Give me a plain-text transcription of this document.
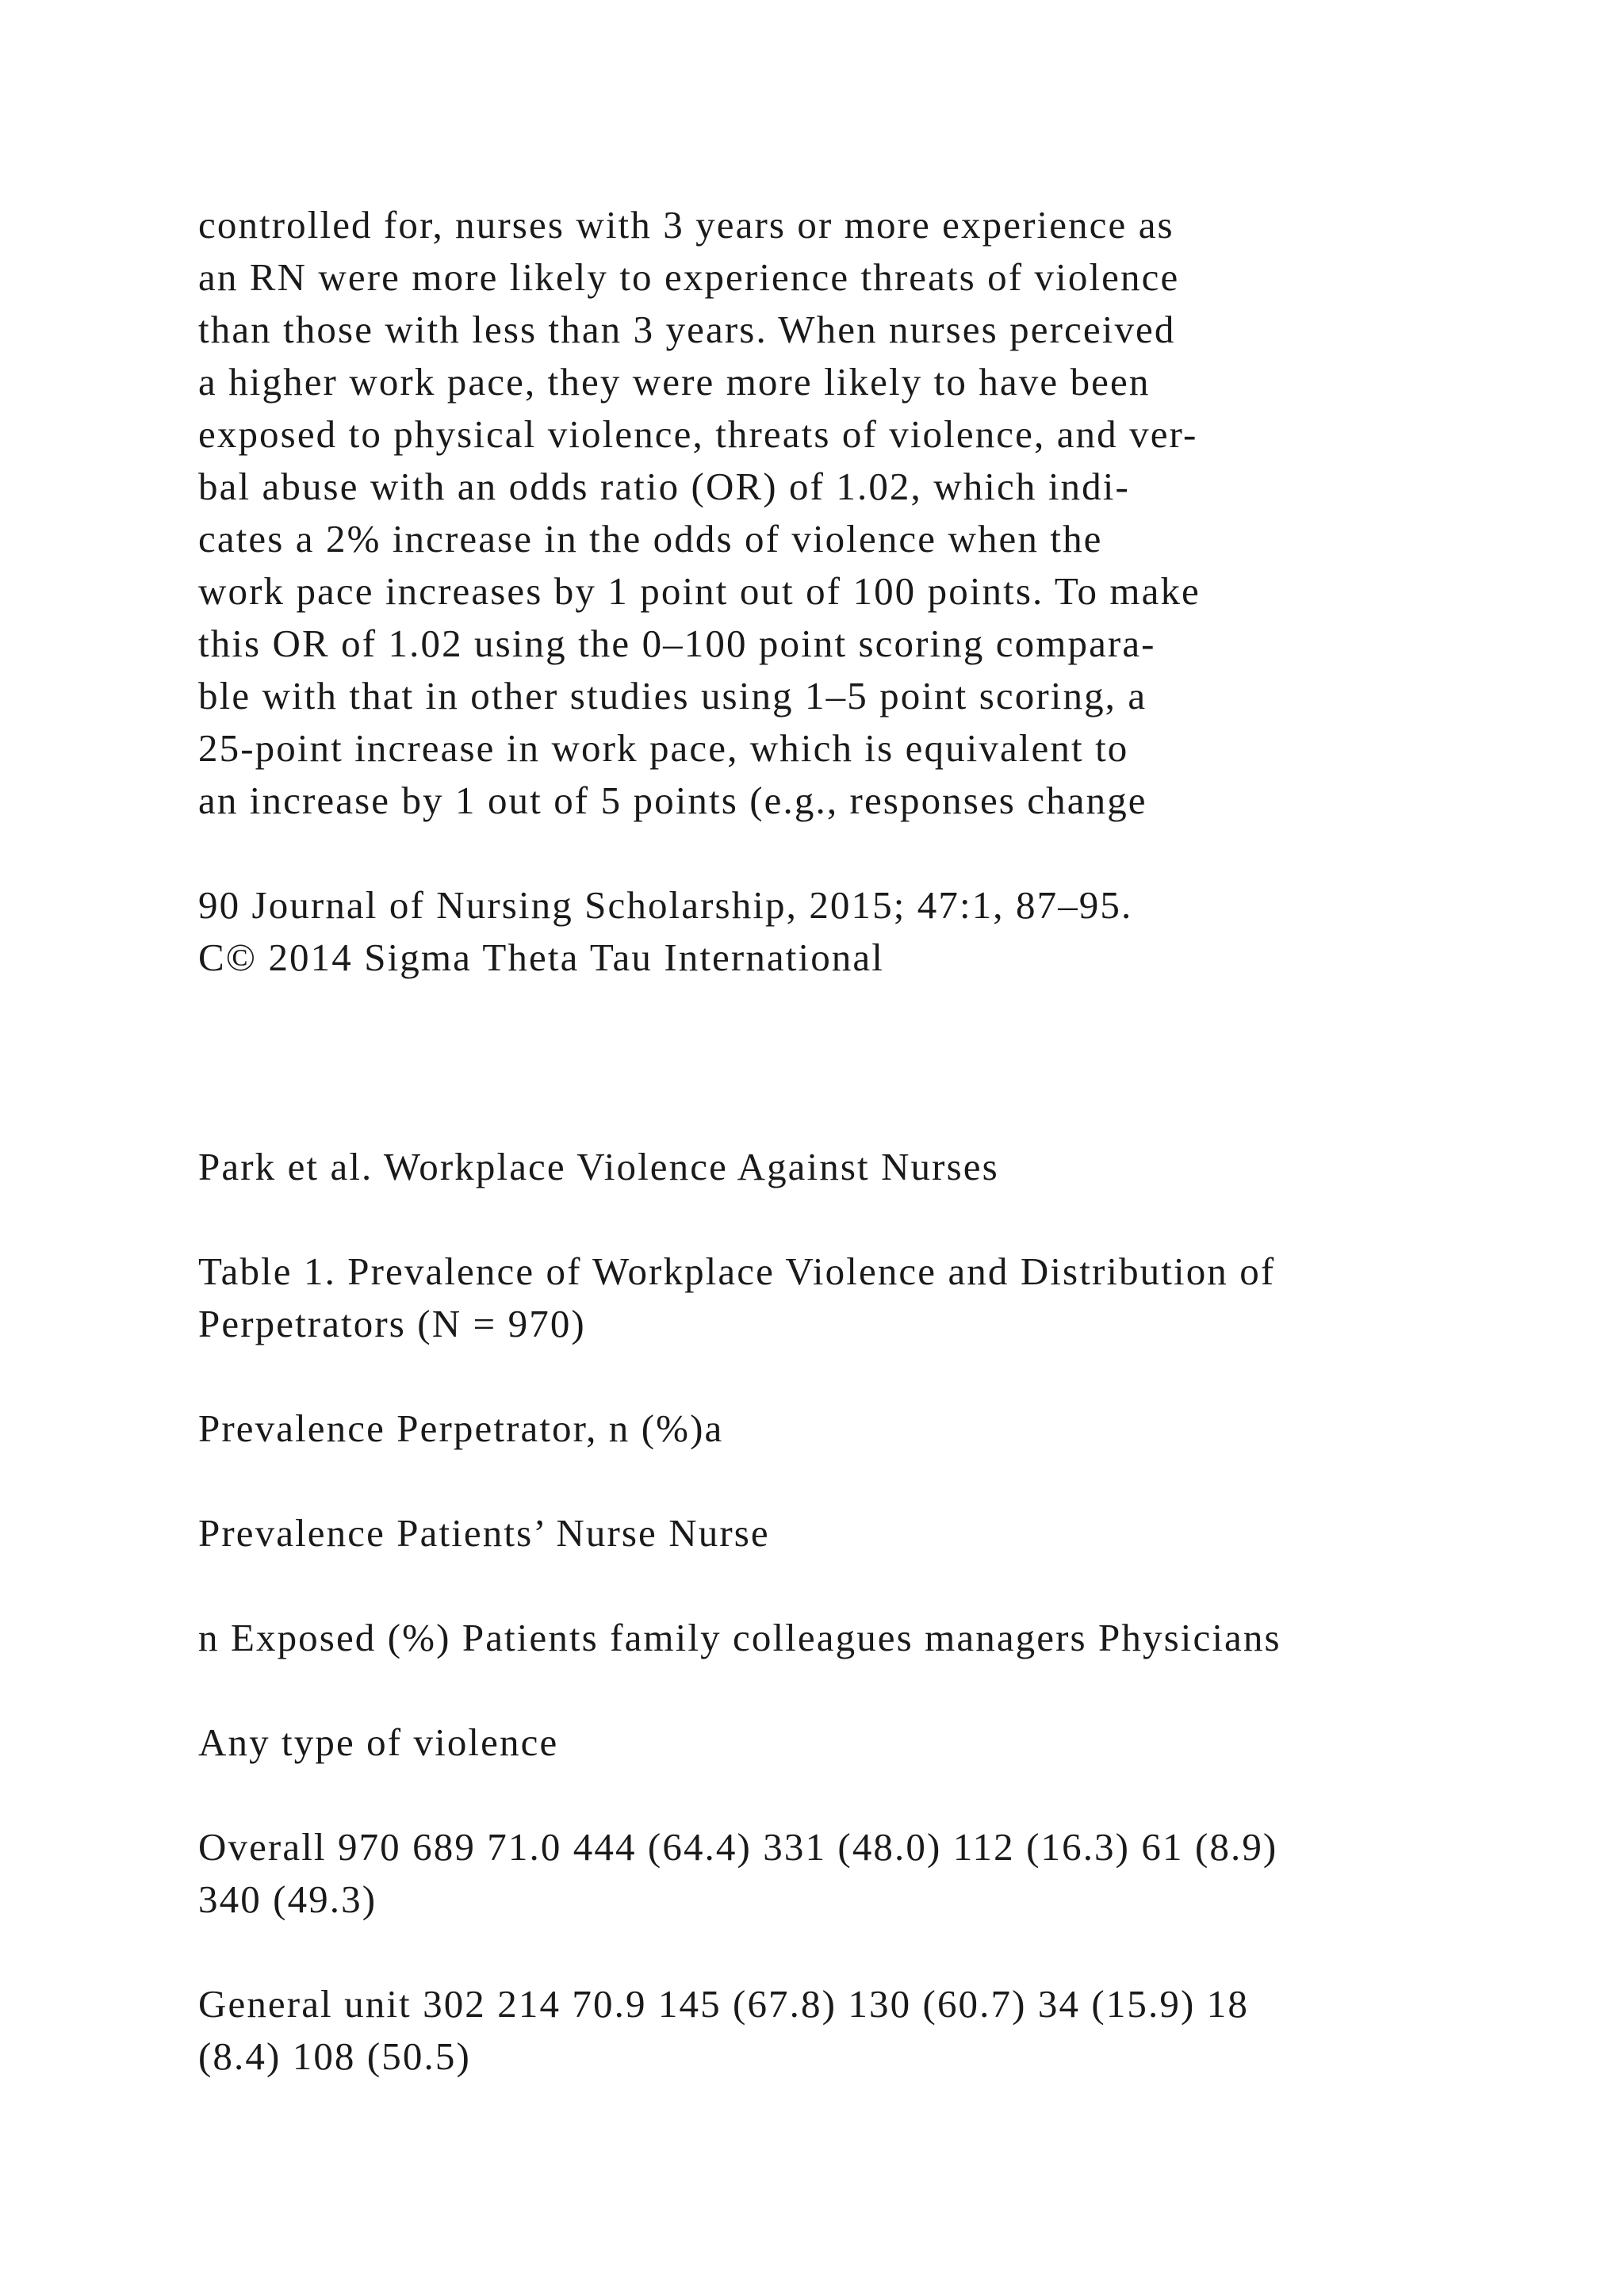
controlled for, nurses with 3 years or more experience as
an RN were more likely to experience threats of violence
than those with less than 3 years. When nurses perceived
a higher work pace, they were more likely to have been
exposed to physical violence, threats of violence, and ver-
bal abuse with an odds ratio (OR) of 1.02, which indi-
cates a 2% increase in the odds of violence when the
work pace increases by 1 point out of 100 points. To make
this OR of 1.02 using the 0–100 point scoring compara-
ble with that in other studies using 1–5 point scoring, a
25-point increase in work pace, which is equivalent to
an increase by 1 out of 5 points (e.g., responses change
90 Journal of Nursing Scholarship, 2015; 47:1, 87–95.
C© 2014 Sigma Theta Tau International
Park et al. Workplace Violence Against Nurses
Table 1. Prevalence of Workplace Violence and Distribution of
Perpetrators (N = 970)
Prevalence Perpetrator, n (%)a
Prevalence Patients’ Nurse Nurse
n Exposed (%) Patients family colleagues managers Physicians
Any type of violence
Overall 970 689 71.0 444 (64.4) 331 (48.0) 112 (16.3) 61 (8.9)
340 (49.3)
General unit 302 214 70.9 145 (67.8) 130 (60.7) 34 (15.9) 18
(8.4) 108 (50.5)
